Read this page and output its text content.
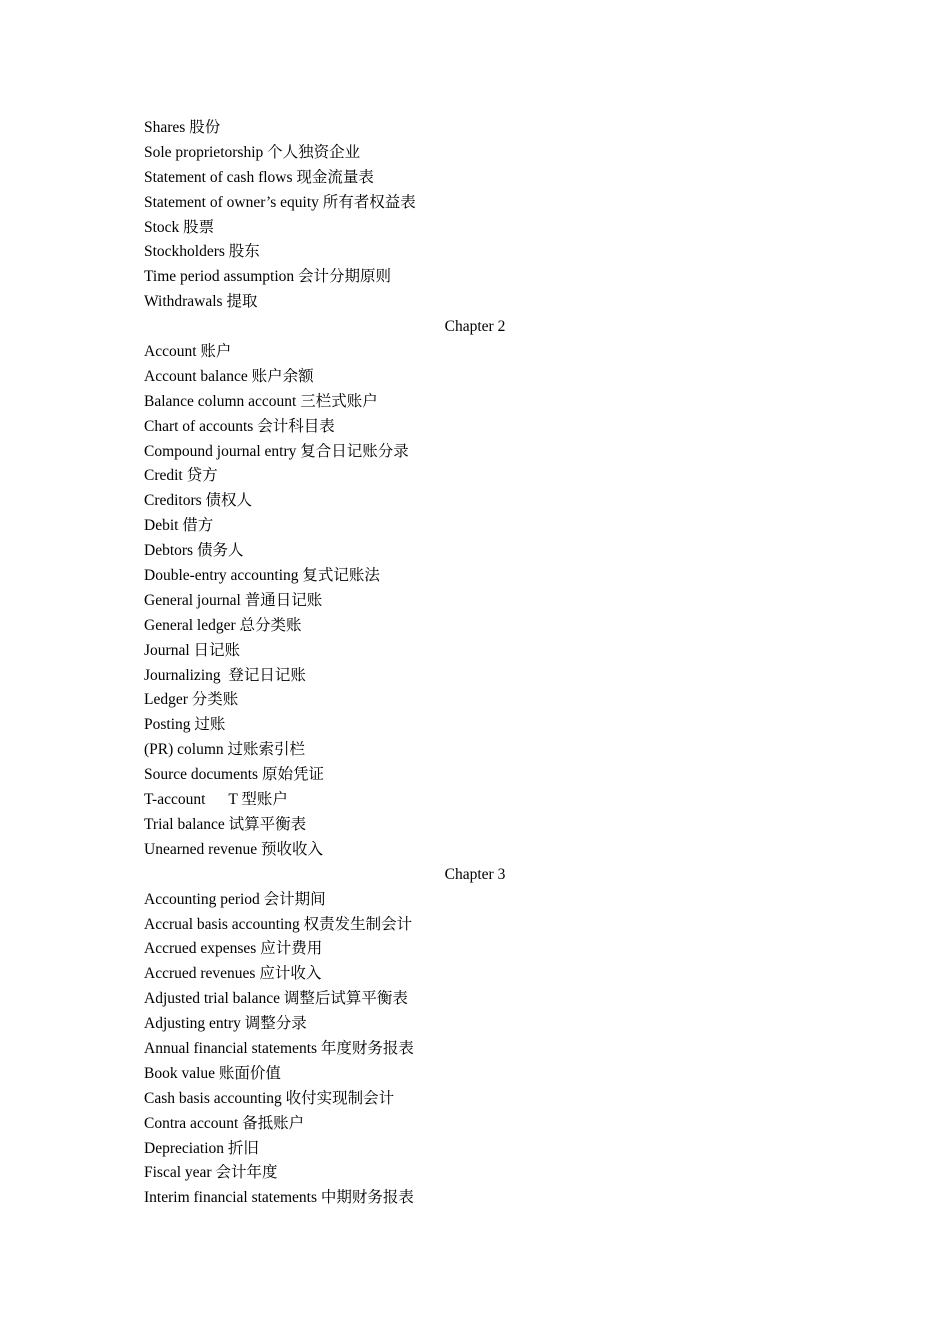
Shares 股份
Sole proprietorship 个人独资企业
Statement of cash flows 现金流量表
Statement of owner’s equity 所有者权益表
Stock 股票
Stockholders 股东
Time period assumption 会计分期原则
Withdrawals 提取
Chapter 2
Account 账户
Account balance 账户余额
Balance column account 三栏式账户
Chart of accounts 会计科目表
Compound journal entry 复合日记账分录
Credit 贷方
Creditors 债权人
Debit 借方
Debtors 债务人
Double-entry accounting 复式记账法
General journal 普通日记账
General ledger 总分类账
Journal 日记账
Journalizing  登记日记账
Ledger 分类账
Posting 过账
(PR) column 过账索引栏
Source documents 原始凭证
T-account      T 型账户
Trial balance 试算平衡表
Unearned revenue 预收收入
Chapter 3
Accounting period 会计期间
Accrual basis accounting 权责发生制会计
Accrued expenses 应计费用
Accrued revenues 应计收入
Adjusted trial balance 调整后试算平衡表
Adjusting entry 调整分录
Annual financial statements 年度财务报表
Book value 账面价值
Cash basis accounting 收付实现制会计
Contra account 备抵账户
Depreciation 折旧
Fiscal year 会计年度
Interim financial statements 中期财务报表
